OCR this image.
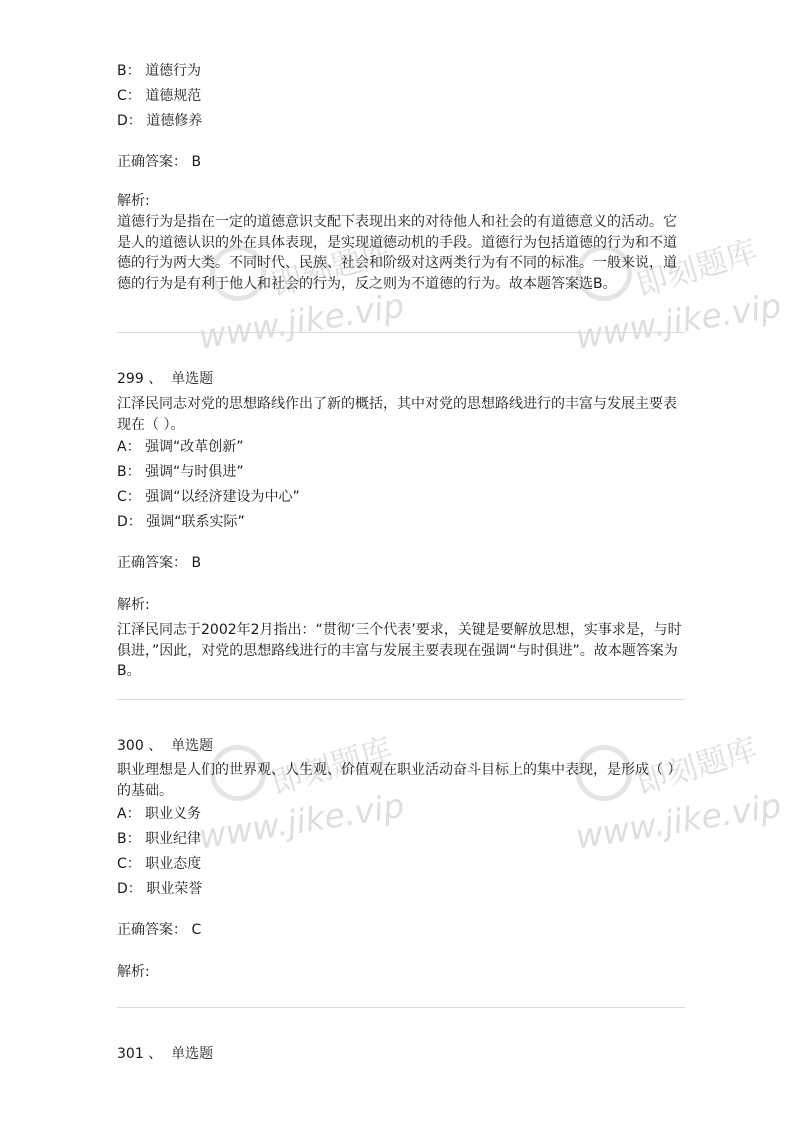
即刻题库
www.jike.vip
即刻题库
www.jike.vip
即刻题库
www.jike.vip
即刻题库
www.jike.vip
B： 道德行为
C： 道德规范
D： 道德修养
正确答案： B
解析:
道德行为是指在一定的道德意识支配下表现出来的对待他人和社会的有道德意义的活动。它是人的道德认识的外在具体表现，是实现道德动机的手段。道德行为包括道德的行为和不道德的行为两大类。不同时代、民族、社会和阶级对这两类行为有不同的标准。一般来说，道德的行为是有利于他人和社会的行为，反之则为不道德的行为。故本题答案选B。
299 、 单选题
江泽民同志对党的思想路线作出了新的概括，其中对党的思想路线进行的丰富与发展主要表现在（ ）。
A： 强调“改革创新”
B： 强调“与时俱进”
C： 强调“以经济建设为中心”
D： 强调“联系实际”
正确答案： B
解析:
江泽民同志于2002年2月指出：“贯彻‘三个代表’要求，关键是要解放思想，实事求是，与时俱进，”因此，对党的思想路线进行的丰富与发展主要表现在强调“与时俱进”。故本题答案为B。
300 、 单选题
职业理想是人们的世界观、人生观、价值观在职业活动奋斗目标上的集中表现，是形成（ ）的基础。
A： 职业义务
B： 职业纪律
C： 职业态度
D： 职业荣誉
正确答案： C
解析:
301 、 单选题
